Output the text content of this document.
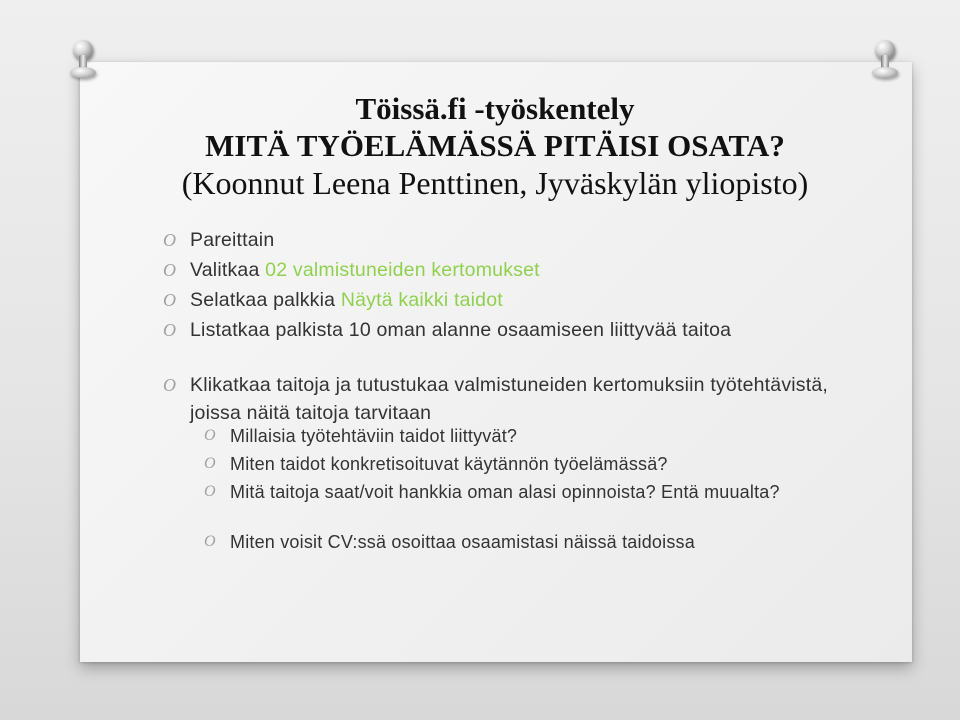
Töissä.fi -työskentely
MITÄ TYÖELÄMÄSSÄ PITÄISI OSATA?
(Koonnut Leena Penttinen, Jyväskylän yliopisto)
O Pareittain
O Valitkaa 02 valmistuneiden kertomukset
O Selatkaa palkkia Näytä kaikki taidot
O Listatkaa palkista 10 oman alanne osaamiseen liittyvää taitoa
O Klikatkaa taitoja ja tutustukaa valmistuneiden kertomuksiin työtehtävistä, joissa näitä taitoja tarvitaan
O Millaisia työtehtäviin taidot liittyvät?
O Miten taidot konkretisoituvat käytännön työelämässä?
O Mitä taitoja saat/voit hankkia oman alasi opinnoista? Entä muualta?
O Miten voisit CV:ssä osoittaa osaamistasi näissä taidoissa
